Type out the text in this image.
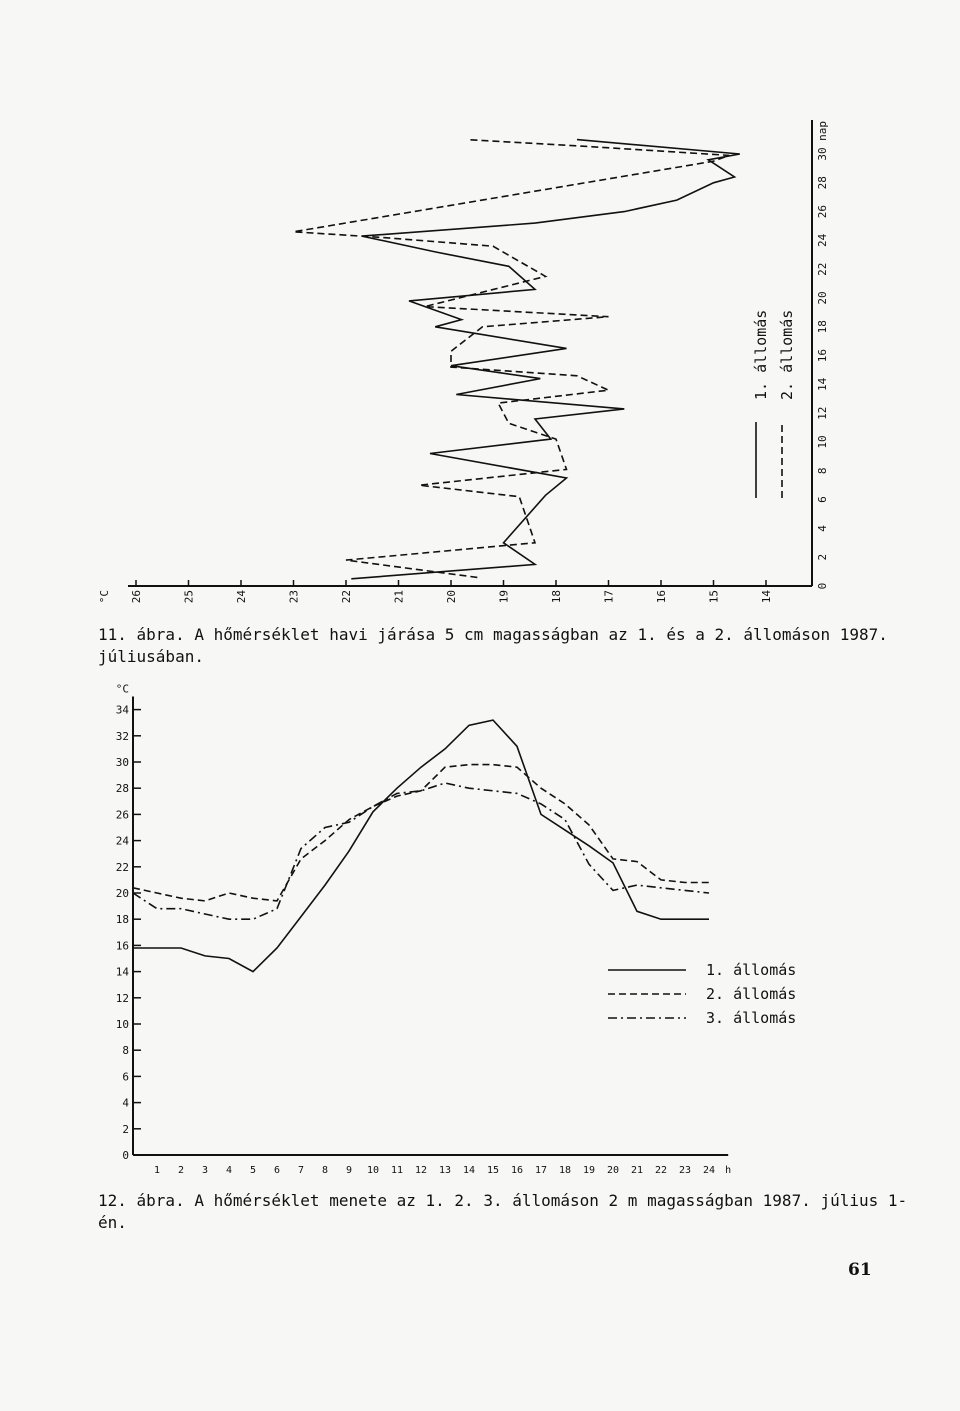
26	25	24	23	22	21	20	19	18	17	16	15	14
°C
0
2
4
6
8
10
12
14
16
18
20
22
24
26
28
30
nap
1. állomás 2. állomás
0
2
4
6
8
10
12
14
16
18
20
22
24
26
28
30
32
34
°C
1 2 3 4 5 6 7 8 9 10 11 12 13 14 15 16 17 18 19 20 21 22 23 24 h
1. állomás
2. állomás
3. állomás
11. ábra. A hőmérséklet havi járása 5 cm magasságban az 1. és a 2. állomáson 1987. júliusában.
12. ábra. A hőmérséklet menete az 1. 2. 3. állomáson 2 m magasságban 1987. július 1-én.
61
